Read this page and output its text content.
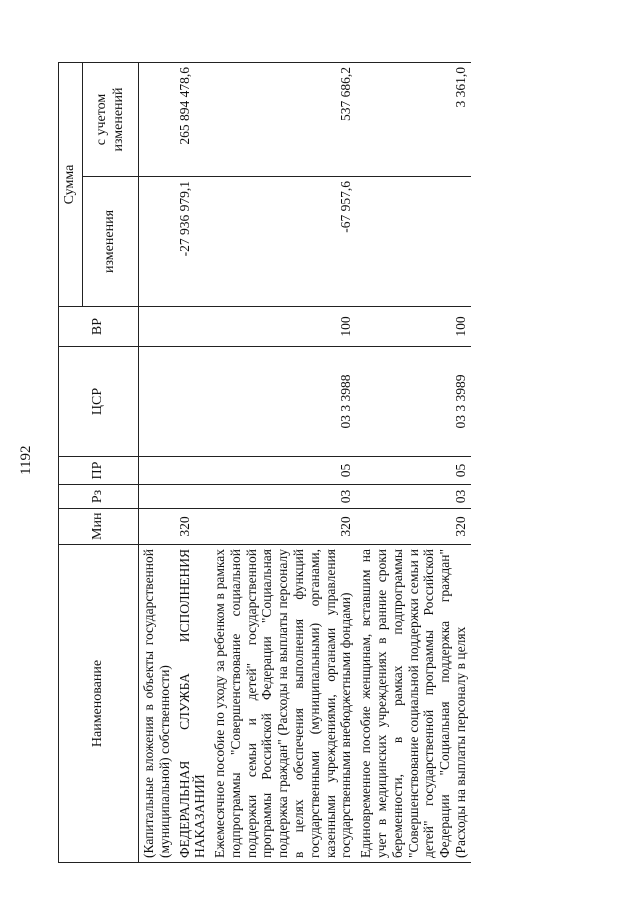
1192
Наименование	Мин	Рз	ПР	ЦСР	ВР	Сумма	
						изменения	с учетом изменений
(Капитальные вложения в объекты государственной (муниципальной) собственности)							
ФЕДЕРАЛЬНАЯ СЛУЖБА ИСПОЛНЕНИЯ НАКАЗАНИЙ	320					-27 936 979,1	265 894 478,6
Ежемесячное пособие по уходу за ребенком в рамках подпрограммы "Совершенствование социальной поддержки семьи и детей" государственной программы Российской Федерации "Социальная поддержка граждан" (Расходы на выплаты персоналу в целях обеспечения выполнения функций государственными (муниципальными) органами, казенными учреждениями, органами управления государственными внебюджетными фондами)	320	03	05	03 3 3988	100	-67 957,6	537 686,2
Единовременное пособие женщинам, вставшим на учет в медицинских учреждениях в ранние сроки беременности, в рамках подпрограммы "Совершенствование социальной поддержки семьи и детей" государственной программы Российской Федерации "Социальная поддержка граждан" (Расходы на выплаты персоналу в целях	320	03	05	03 3 3989	100		3 361,0
